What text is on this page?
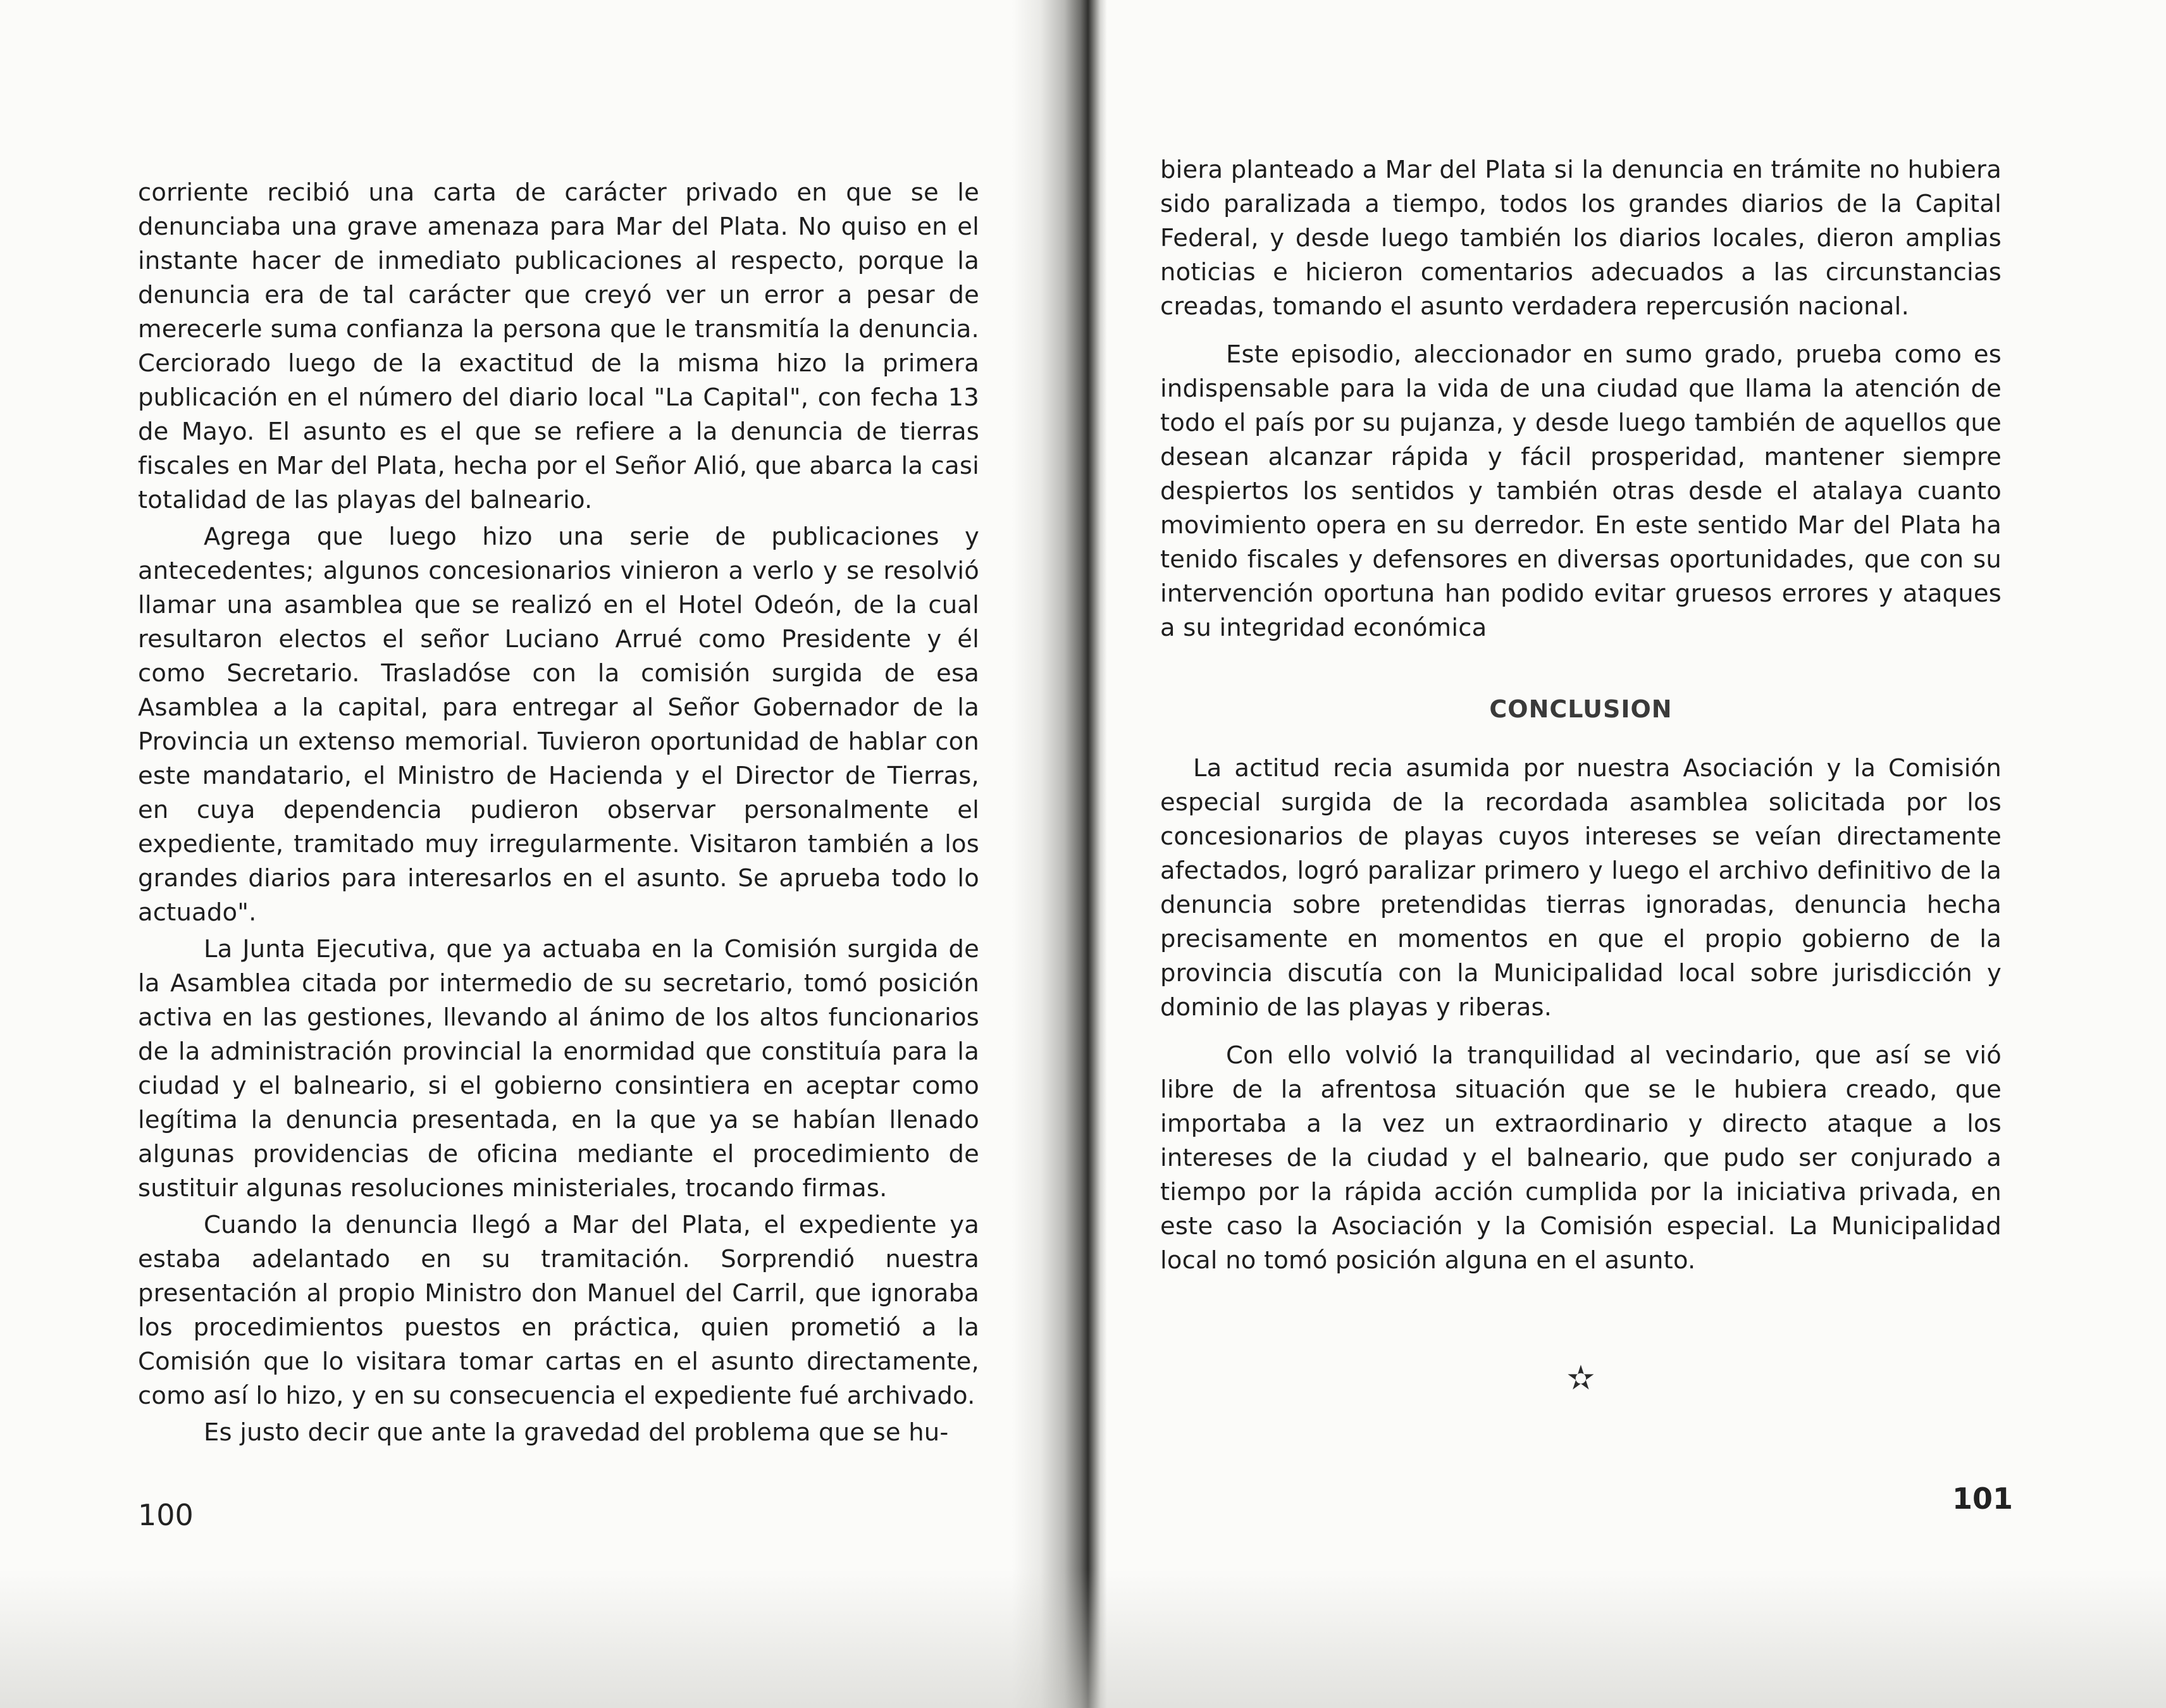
corriente recibió una carta de carácter privado en que se le denunciaba una grave amenaza para Mar del Plata. No quiso en el instante hacer de inmediato publicaciones al respecto, porque la denuncia era de tal carácter que creyó ver un error a pesar de merecerle suma confianza la persona que le transmitía la denuncia. Cerciorado luego de la exactitud de la misma hizo la primera publicación en el número del diario local "La Capital", con fecha 13 de Mayo. El asunto es el que se refiere a la denuncia de tierras fiscales en Mar del Plata, hecha por el Señor Alió, que abarca la casi totalidad de las playas del balneario.

Agrega que luego hizo una serie de publicaciones y antecedentes; algunos concesionarios vinieron a verlo y se resolvió llamar una asamblea que se realizó en el Hotel Odeón, de la cual resultaron electos el señor Luciano Arrué como Presidente y él como Secretario. Trasladóse con la comisión surgida de esa Asamblea a la capital, para entregar al Señor Gobernador de la Provincia un extenso memorial. Tuvieron oportunidad de hablar con este mandatario, el Ministro de Hacienda y el Director de Tierras, en cuya dependencia pudieron observar personalmente el expediente, tramitado muy irregularmente. Visitaron también a los grandes diarios para interesarlos en el asunto. Se aprueba todo lo actuado".

La Junta Ejecutiva, que ya actuaba en la Comisión surgida de la Asamblea citada por intermedio de su secretario, tomó posición activa en las gestiones, llevando al ánimo de los altos funcionarios de la administración provincial la enormidad que constituía para la ciudad y el balneario, si el gobierno consintiera en aceptar como legítima la denuncia presentada, en la que ya se habían llenado algunas providencias de oficina mediante el procedimiento de sustituir algunas resoluciones ministeriales, trocando firmas.

Cuando la denuncia llegó a Mar del Plata, el expediente ya estaba adelantado en su tramitación. Sorprendió nuestra presentación al propio Ministro don Manuel del Carril, que ignoraba los procedimientos puestos en práctica, quien prometió a la Comisión que lo visitara tomar cartas en el asunto directamente, como así lo hizo, y en su consecuencia el expediente fué archivado.

Es justo decir que ante la gravedad del problema que se hu-

100

biera planteado a Mar del Plata si la denuncia en trámite no hubiera sido paralizada a tiempo, todos los grandes diarios de la Capital Federal, y desde luego también los diarios locales, dieron amplias noticias e hicieron comentarios adecuados a las circunstancias creadas, tomando el asunto verdadera repercusión nacional.

Este episodio, aleccionador en sumo grado, prueba como es indispensable para la vida de una ciudad que llama la atención de todo el país por su pujanza, y desde luego también de aquellos que desean alcanzar rápida y fácil prosperidad, mantener siempre despiertos los sentidos y también otras desde el atalaya cuanto movimiento opera en su derredor. En este sentido Mar del Plata ha tenido fiscales y defensores en diversas oportunidades, que con su intervención oportuna han podido evitar gruesos errores y ataques a su integridad económica

CONCLUSION

La actitud recia asumida por nuestra Asociación y la Comisión especial surgida de la recordada asamblea solicitada por los concesionarios de playas cuyos intereses se veían directamente afectados, logró paralizar primero y luego el archivo definitivo de la denuncia sobre pretendidas tierras ignoradas, denuncia hecha precisamente en momentos en que el propio gobierno de la provincia discutía con la Municipalidad local sobre jurisdicción y dominio de las playas y riberas.

Con ello volvió la tranquilidad al vecindario, que así se vió libre de la afrentosa situación que se le hubiera creado, que importaba a la vez un extraordinario y directo ataque a los intereses de la ciudad y el balneario, que pudo ser conjurado a tiempo por la rápida acción cumplida por la iniciativa privada, en este caso la Asociación y la Comisión especial. La Municipalidad local no tomó posición alguna en el asunto.

✫
101
